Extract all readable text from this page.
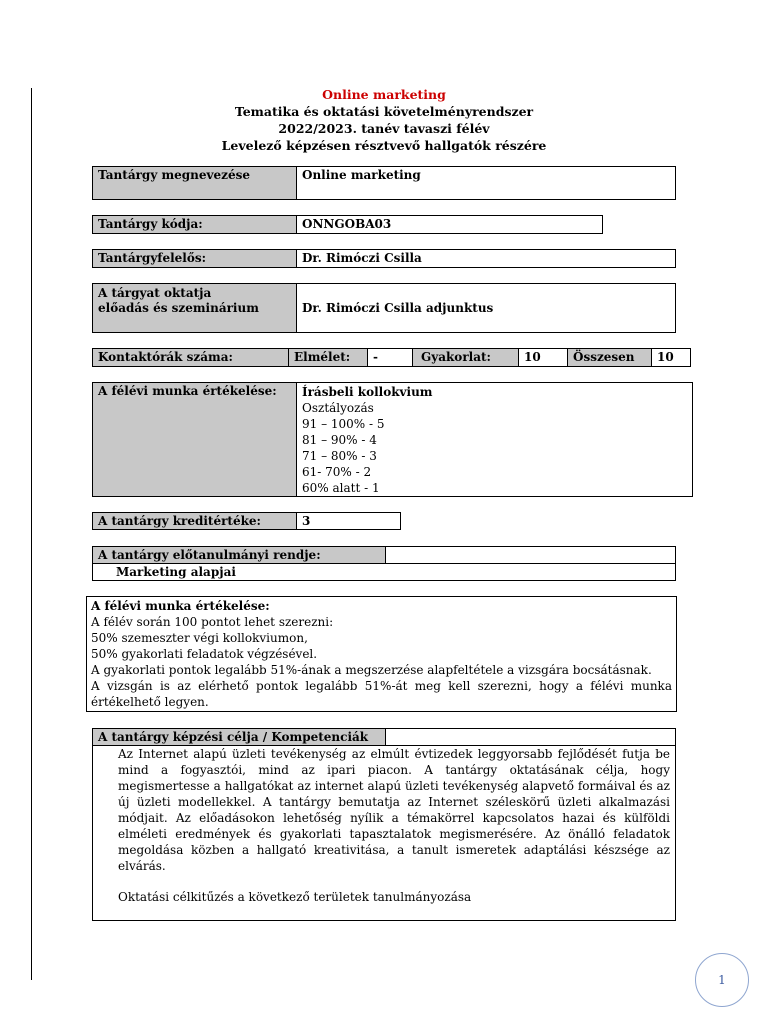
Online marketing
Tematika és oktatási követelményrendszer
2022/2023. tanév tavaszi félév
Levelező képzésen résztvevő hallgatók részére
Tantárgy megnevezése	Online marketing
Tantárgy kódja:	ONNGOBA03
Tantárgyfelelős:	Dr. Rimóczi Csilla
A tárgyat oktatja
előadás és szeminárium	Dr. Rimóczi Csilla adjunktus
Kontaktórák száma:	Elmélet:	-	Gyakorlat:	10	Összesen	10
A félévi munka értékelése:	Írásbeli kollokvium
Osztályozás
91 – 100% - 5
81 – 90% - 4
71 – 80% - 3
61- 70% - 2
60% alatt - 1
A tantárgy kreditértéke:	3
A tantárgy előtanulmányi rendje:
Marketing alapjai
A félévi munka értékelése:
A félév során 100 pontot lehet szerezni:
50% szemeszter végi kollokviumon,
50% gyakorlati feladatok végzésével.
A gyakorlati pontok legalább 51%-ának a megszerzése alapfeltétele a vizsgára bocsátásnak.
A vizsgán is az elérhető pontok legalább 51%-át meg kell szerezni, hogy a félévi munka értékelhető legyen.
A tantárgy képzési célja / Kompetenciák
Az Internet alapú üzleti tevékenység az elmúlt évtizedek leggyorsabb fejlődését futja be mind a fogyasztói, mind az ipari piacon. A tantárgy oktatásának célja, hogy megismertesse a hallgatókat az internet alapú üzleti tevékenység alapvető formáival és az új üzleti modellekkel. A tantárgy bemutatja az Internet széleskörű üzleti alkalmazási módjait. Az előadásokon lehetőség nyílik a témakörrel kapcsolatos hazai és külföldi elméleti eredmények és gyakorlati tapasztalatok megismerésére. Az önálló feladatok megoldása közben a hallgató kreativitása, a tanult ismeretek adaptálási készsége az elvárás.
Oktatási célkitűzés a következő területek tanulmányozása
1
